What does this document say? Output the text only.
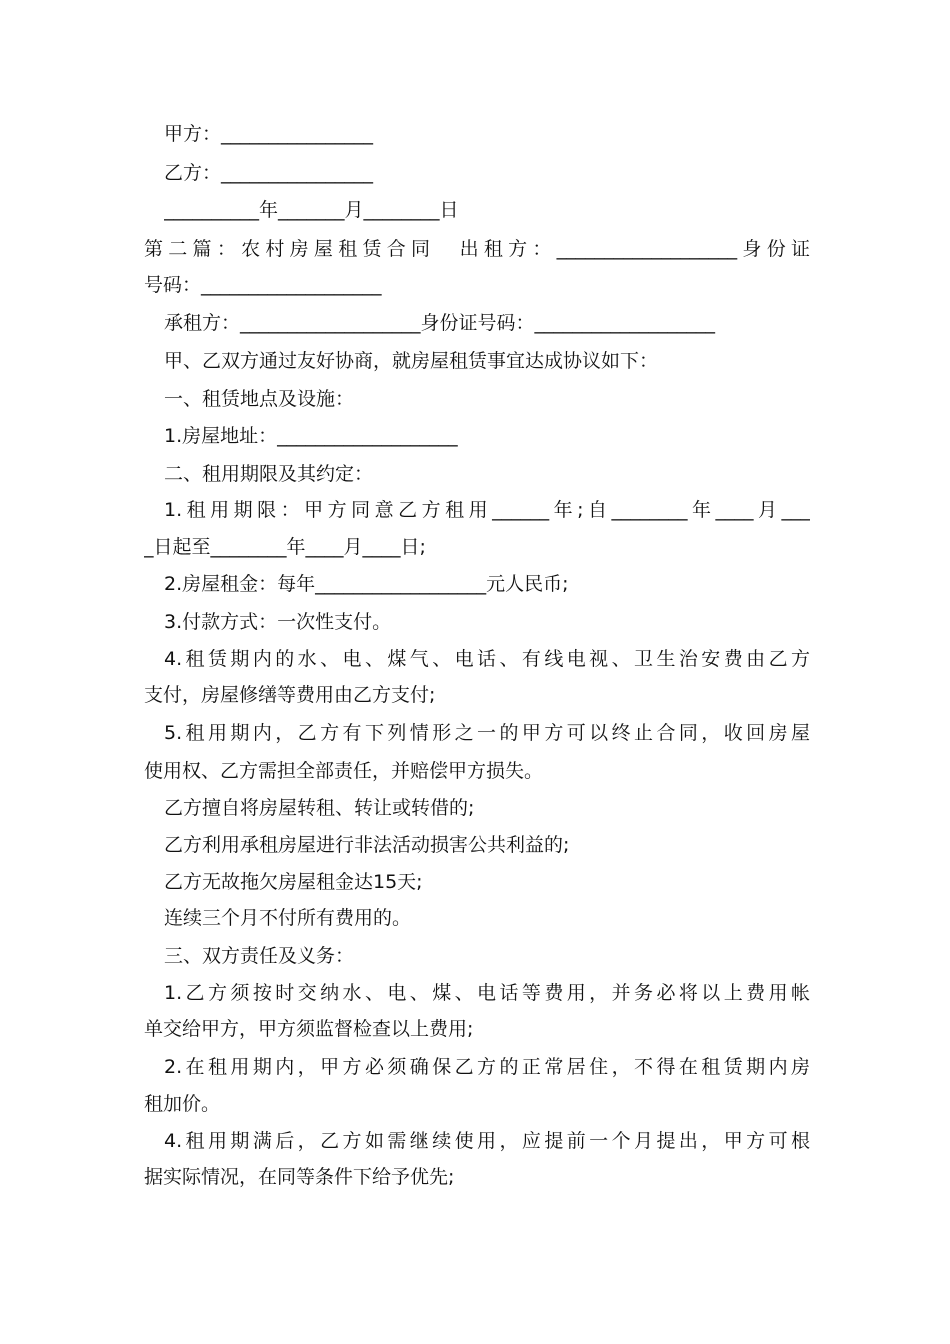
甲方：________________
乙方：________________
__________年_______月________日
第二篇：农村房屋租赁合同　出租方：___________________身份证
号码：___________________
承租方：___________________身份证号码：___________________
甲、乙双方通过友好协商，就房屋租赁事宜达成协议如下：
一、租赁地点及设施：
1.房屋地址：___________________
二、租用期限及其约定：
1.租用期限：甲方同意乙方租用______年;自________年____月___
_日起至________年____月____日;
2.房屋租金：每年__________________元人民币;
3.付款方式：一次性支付。
4.租赁期内的水、电、煤气、电话、有线电视、卫生治安费由乙方
支付，房屋修缮等费用由乙方支付;
5.租用期内，乙方有下列情形之一的甲方可以终止合同，收回房屋
使用权、乙方需担全部责任，并赔偿甲方损失。
乙方擅自将房屋转租、转让或转借的;
乙方利用承租房屋进行非法活动损害公共利益的;
乙方无故拖欠房屋租金达15天;
连续三个月不付所有费用的。
三、双方责任及义务：
1.乙方须按时交纳水、电、煤、电话等费用，并务必将以上费用帐
单交给甲方，甲方须监督检查以上费用;
2.在租用期内，甲方必须确保乙方的正常居住，不得在租赁期内房
租加价。
4.租用期满后，乙方如需继续使用，应提前一个月提出，甲方可根
据实际情况，在同等条件下给予优先;
